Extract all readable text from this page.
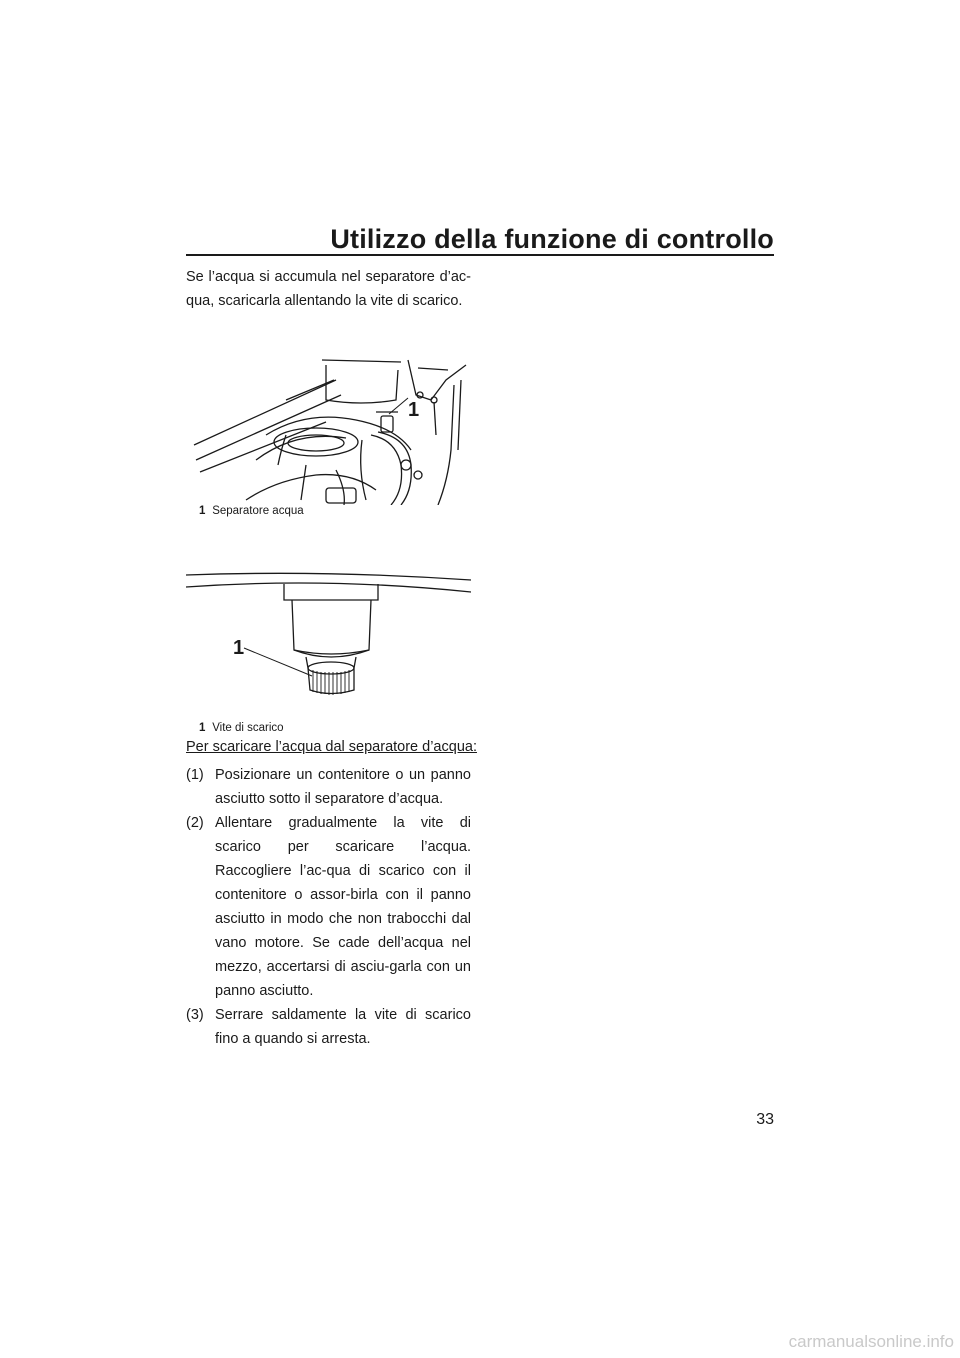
Utilizzo della funzione di controllo
Se l’acqua si accumula nel separatore d’ac-qua, scaricarla allentando la vite di scarico.
1
1 Separatore acqua
1
1 Vite di scarico
Per scaricare l’acqua dal separatore d’acqua:
(1) Posizionare un contenitore o un panno asciutto sotto il separatore d’acqua.
(2) Allentare gradualmente la vite di scarico per scaricare l’acqua. Raccogliere l’ac-qua di scarico con il contenitore o assor-birla con il panno asciutto in modo che non trabocchi dal vano motore. Se cade dell’acqua nel mezzo, accertarsi di asciu-garla con un panno asciutto.
(3) Serrare saldamente la vite di scarico fino a quando si arresta.
33
carmanualsonline.info
